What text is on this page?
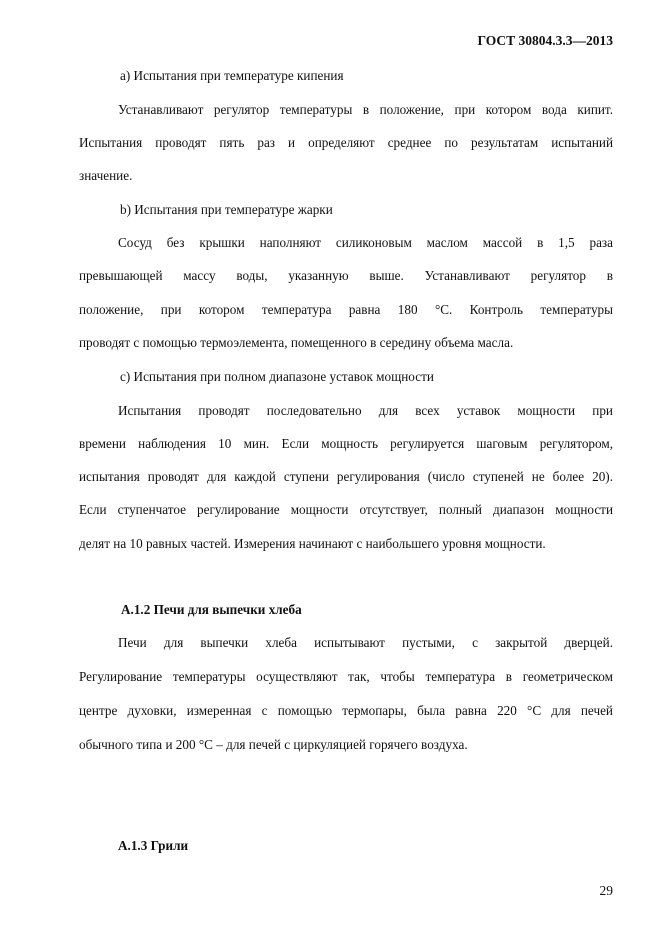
ГОСТ 30804.3.3—2013
а) Испытания при температуре кипения
Устанавливают регулятор температуры в положение, при котором вода кипит.
Испытания проводят пять раз и определяют среднее по результатам испытаний
значение.
b) Испытания при температуре жарки
Сосуд без крышки наполняют силиконовым маслом массой в 1,5 раза
превышающей массу воды, указанную выше. Устанавливают регулятор в
положение, при котором температура равна 180 °С. Контроль температуры
проводят с помощью термоэлемента, помещенного в середину объема масла.
c) Испытания при полном диапазоне уставок мощности
Испытания проводят последовательно для всех уставок мощности при
времени наблюдения 10 мин. Если мощность регулируется шаговым регулятором,
испытания проводят для каждой ступени регулирования (число ступеней не более 20).
Если ступенчатое регулирование мощности отсутствует, полный диапазон мощности
делят на 10 равных частей. Измерения начинают с наибольшего уровня мощности.
А.1.2 Печи для выпечки хлеба
Печи для выпечки хлеба испытывают пустыми, с закрытой дверцей.
Регулирование температуры осуществляют так, чтобы температура в геометрическом
центре духовки, измеренная с помощью термопары, была равна 220 °С для печей
обычного типа и 200 °С – для печей с циркуляцией горячего воздуха.
А.1.3 Грили
29
